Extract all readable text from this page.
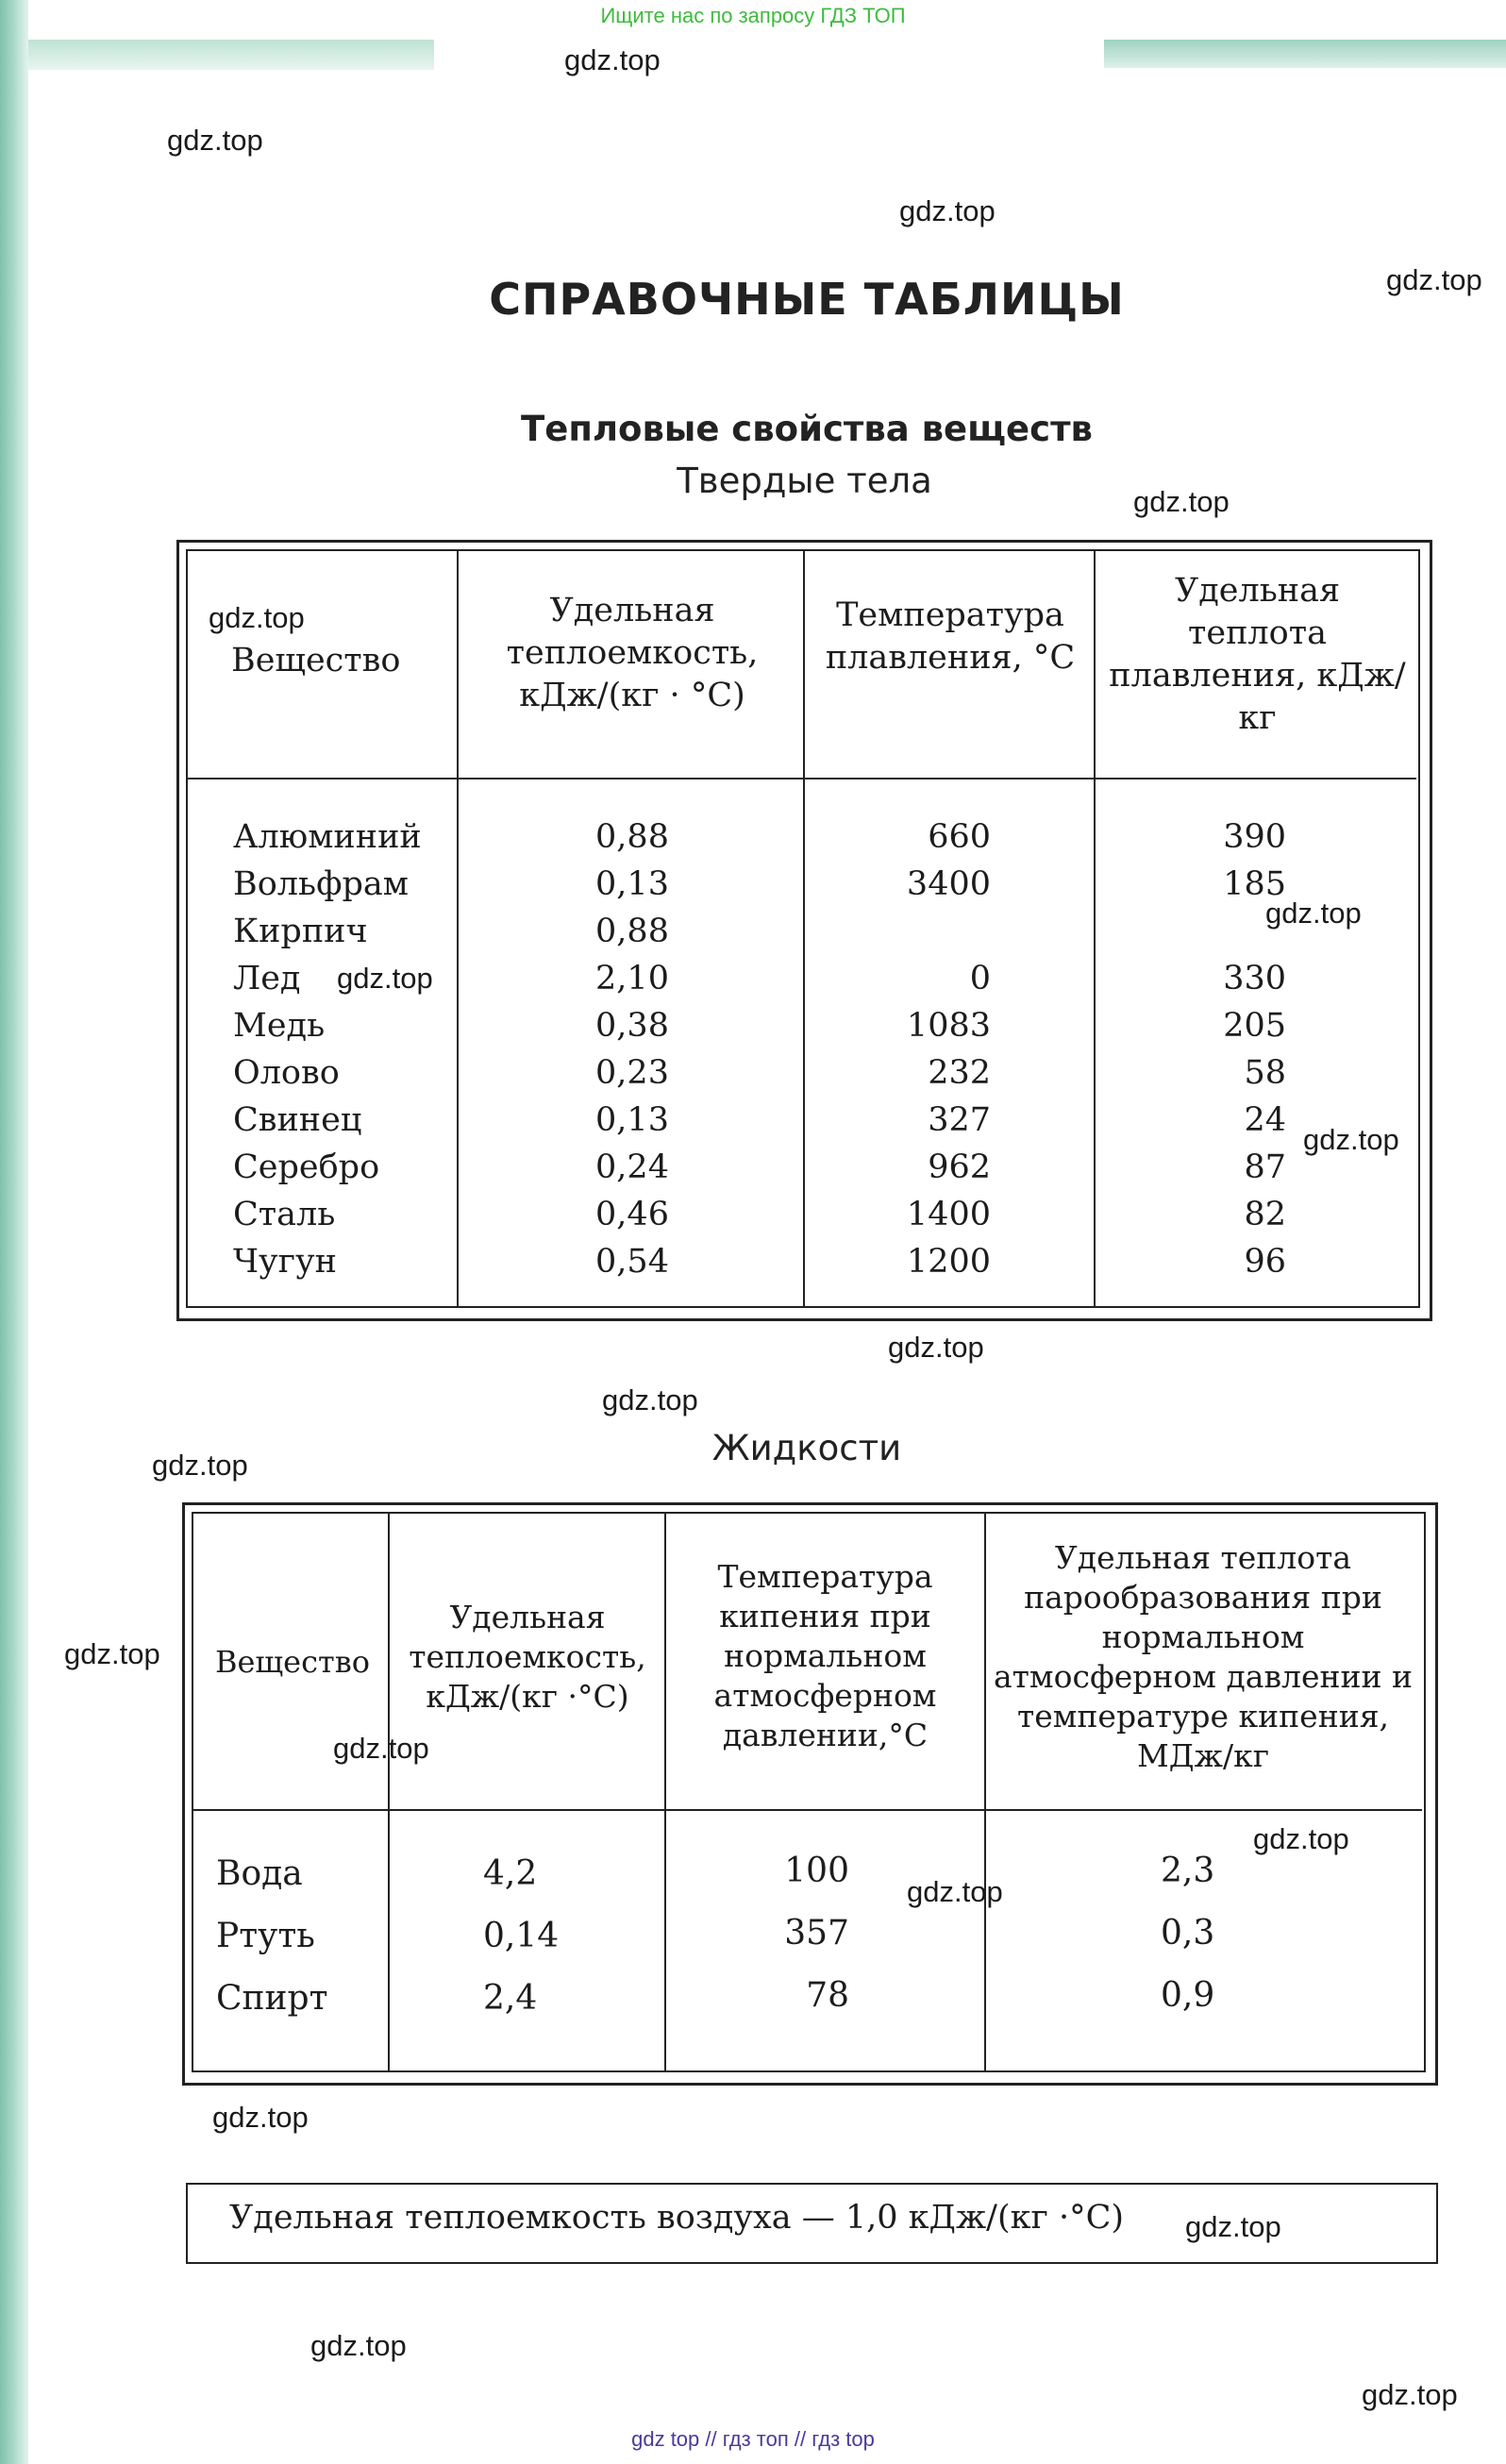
Ищите нас по запросу ГДЗ ТОП
СПРАВОЧНЫЕ ТАБЛИЦЫ
Тепловые свойства веществ
Твердые тела
Вещество
Удельная теплоемкость, кДж/(кг · °С)
Температура плавления, °С
Удельная теплота плавления, кДж/кг
Алюминий
Вольфрам
Кирпич
Лед
Медь
Олово
Свинец
Серебро
Сталь
Чугун
0,88
0,13
0,88
2,10
0,38
0,23
0,13
0,24
0,46
0,54
660
3400

0
1083
232
327
962
1400
1200
390
185

330
205
58
24
87
82
96
Жидкости
Вещество
Удельная теплоемкость, кДж/(кг ·°С)
Температура кипения при нормальном атмосферном давлении,°С
Удельная теплота парообразования при нормальном атмосферном давлении и температуре кипения, МДж/кг
Вода
Ртуть
Спирт
4,2
0,14
2,4
100
357
78
2,3
0,3
0,9
Удельная теплоемкость воздуха — 1,0 кДж/(кг ·°С)
gdz.top
gdz.top
gdz.top
gdz.top
gdz.top
gdz.top
gdz.top
gdz.top
gdz.top
gdz.top
gdz.top
gdz.top
gdz.top
gdz.top
gdz.top
gdz.top
gdz.top
gdz.top
gdz.top
gdz.top
gdz top // гдз топ // гдз top
